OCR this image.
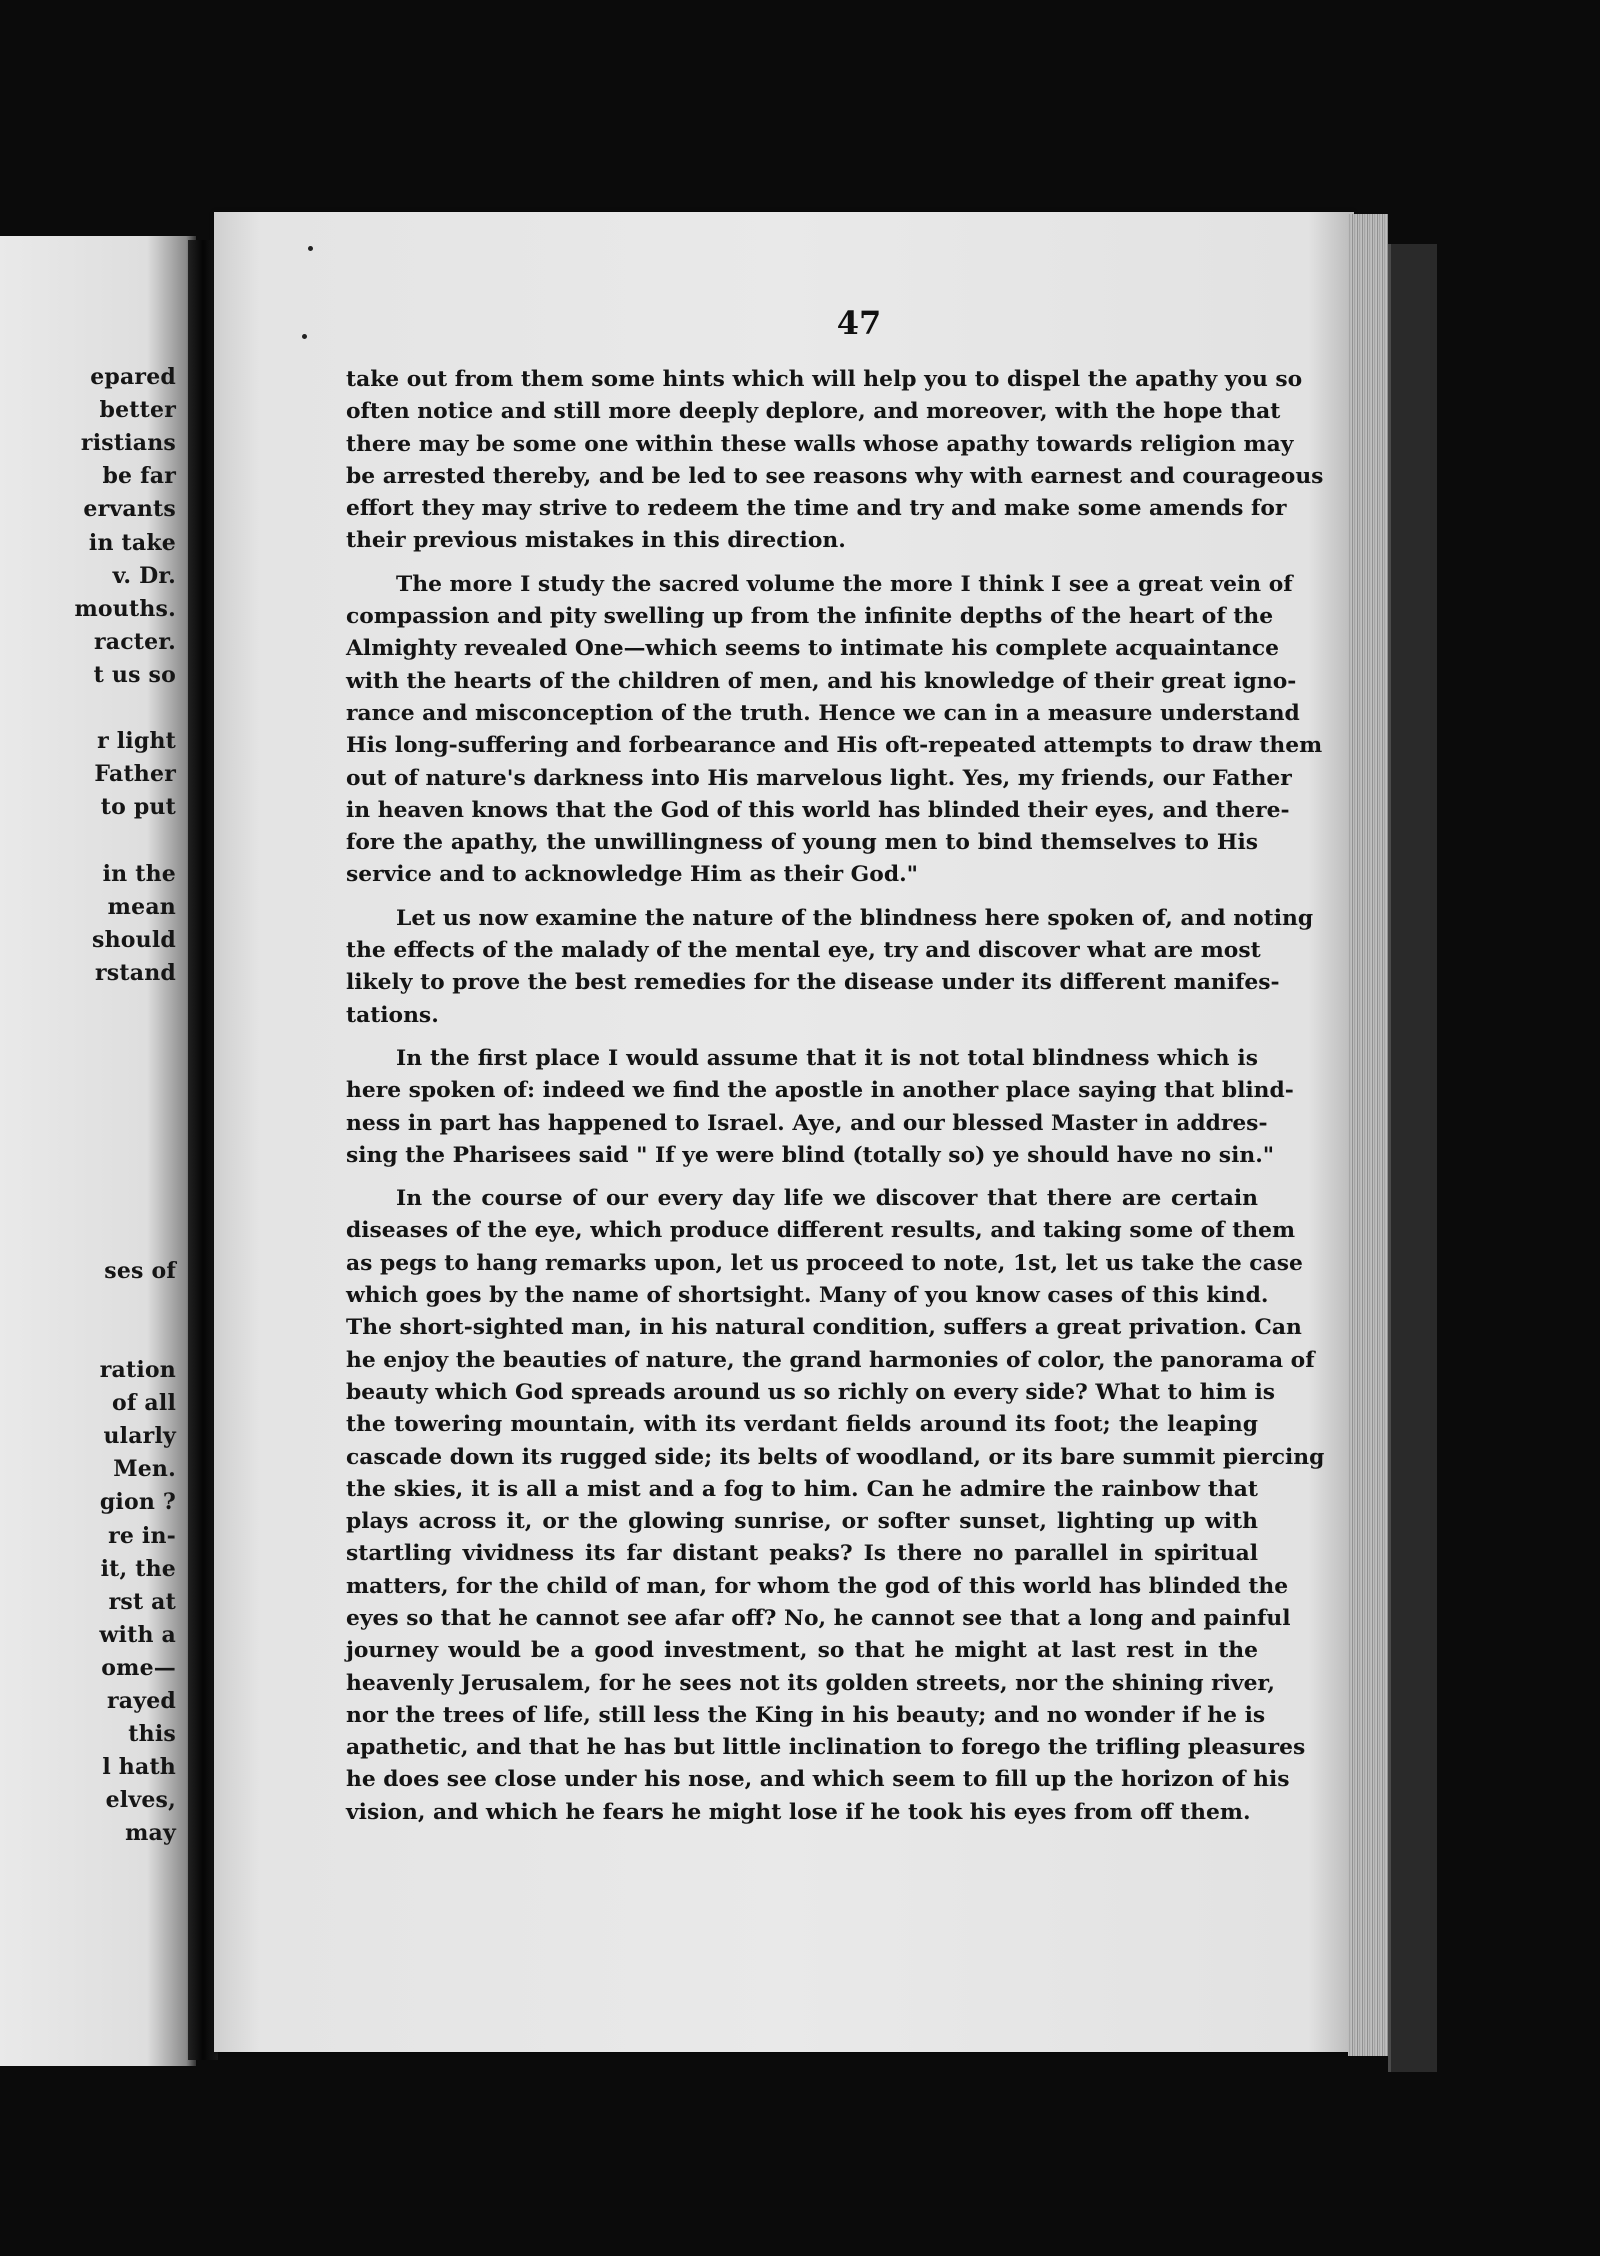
epared
better
ristians
be far
ervants
in take
v. Dr.
mouths.
racter.
t us so
r light
Father
to put
in the
mean
should
rstand
ses of
ration
of all
ularly
Men.
gion ?
re in-
it, the
rst at
with a
ome—
rayed
this
l hath
elves,
may
47
take out from them some hints which will help you to dispel the apathy you so
often notice and still more deeply deplore, and moreover, with the hope that
there may be some one within these walls whose apathy towards religion may
be arrested thereby, and be led to see reasons why with earnest and courageous
effort they may strive to redeem the time and try and make some amends for
their previous mistakes in this direction.
The more I study the sacred volume the more I think I see a great vein of
compassion and pity swelling up from the infinite depths of the heart of the
Almighty revealed One—which seems to intimate his complete acquaintance
with the hearts of the children of men, and his knowledge of their great igno-
rance and misconception of the truth. Hence we can in a measure understand
His long-suffering and forbearance and His oft-repeated attempts to draw them
out of nature's darkness into His marvelous light. Yes, my friends, our Father
in heaven knows that the God of this world has blinded their eyes, and there-
fore the apathy, the unwillingness of young men to bind themselves to His
service and to acknowledge Him as their God."
Let us now examine the nature of the blindness here spoken of, and noting
the effects of the malady of the mental eye, try and discover what are most
likely to prove the best remedies for the disease under its different manifes-
tations.
In the first place I would assume that it is not total blindness which is
here spoken of: indeed we find the apostle in another place saying that blind-
ness in part has happened to Israel. Aye, and our blessed Master in addres-
sing the Pharisees said " If ye were blind (totally so) ye should have no sin."
In the course of our every day life we discover that there are certain
diseases of the eye, which produce different results, and taking some of them
as pegs to hang remarks upon, let us proceed to note, 1st, let us take the case
which goes by the name of shortsight. Many of you know cases of this kind.
The short-sighted man, in his natural condition, suffers a great privation. Can
he enjoy the beauties of nature, the grand harmonies of color, the panorama of
beauty which God spreads around us so richly on every side? What to him is
the towering mountain, with its verdant fields around its foot; the leaping
cascade down its rugged side; its belts of woodland, or its bare summit piercing
the skies, it is all a mist and a fog to him. Can he admire the rainbow that
plays across it, or the glowing sunrise, or softer sunset, lighting up with
startling vividness its far distant peaks? Is there no parallel in spiritual
matters, for the child of man, for whom the god of this world has blinded the
eyes so that he cannot see afar off? No, he cannot see that a long and painful
journey would be a good investment, so that he might at last rest in the
heavenly Jerusalem, for he sees not its golden streets, nor the shining river,
nor the trees of life, still less the King in his beauty; and no wonder if he is
apathetic, and that he has but little inclination to forego the trifling pleasures
he does see close under his nose, and which seem to fill up the horizon of his
vision, and which he fears he might lose if he took his eyes from off them.
